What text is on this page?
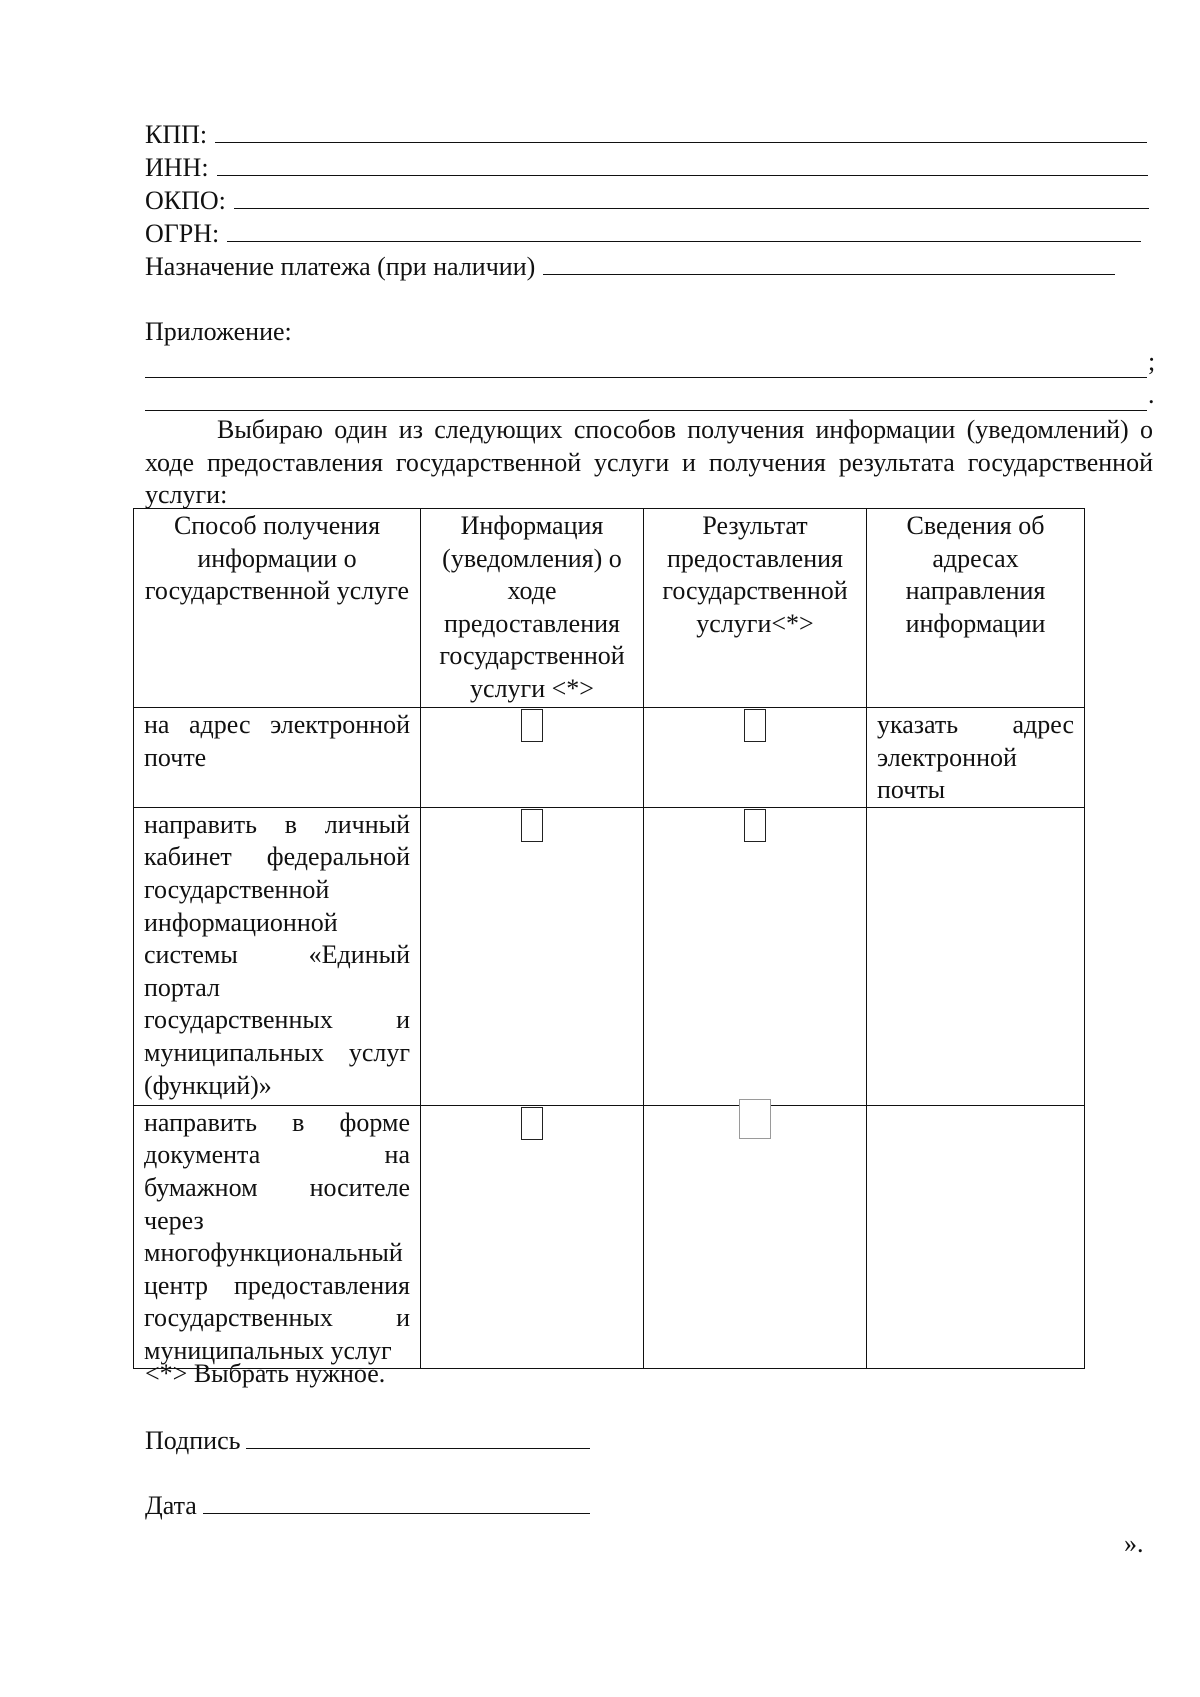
КПП:
ИНН:
ОКПО:
ОГРН:
Назначение платежа (при наличии)
Приложение:
;
.
Выбираю один из следующих способов получения информации (уведомлений) о ходе предоставления государственной услуги и получения результата государственной услуги:
Способ получения информации о государственной услуге	Информация (уведомления) о ходе предоставления государственной услуги <*>	Результат предоставления государственной услуги<*>	Сведения об адресах направления информации
на адрес электронной почте			указать адрес электронной почты
направить в личный кабинет федеральной государственной информационной системы «Единый портал государственных и муниципальных услуг (функций)»			
направить в форме документа на бумажном носителе через многофункциональный центр предоставления государственных и муниципальных услуг			
<*> Выбрать нужное.
Подпись
Дата
».
